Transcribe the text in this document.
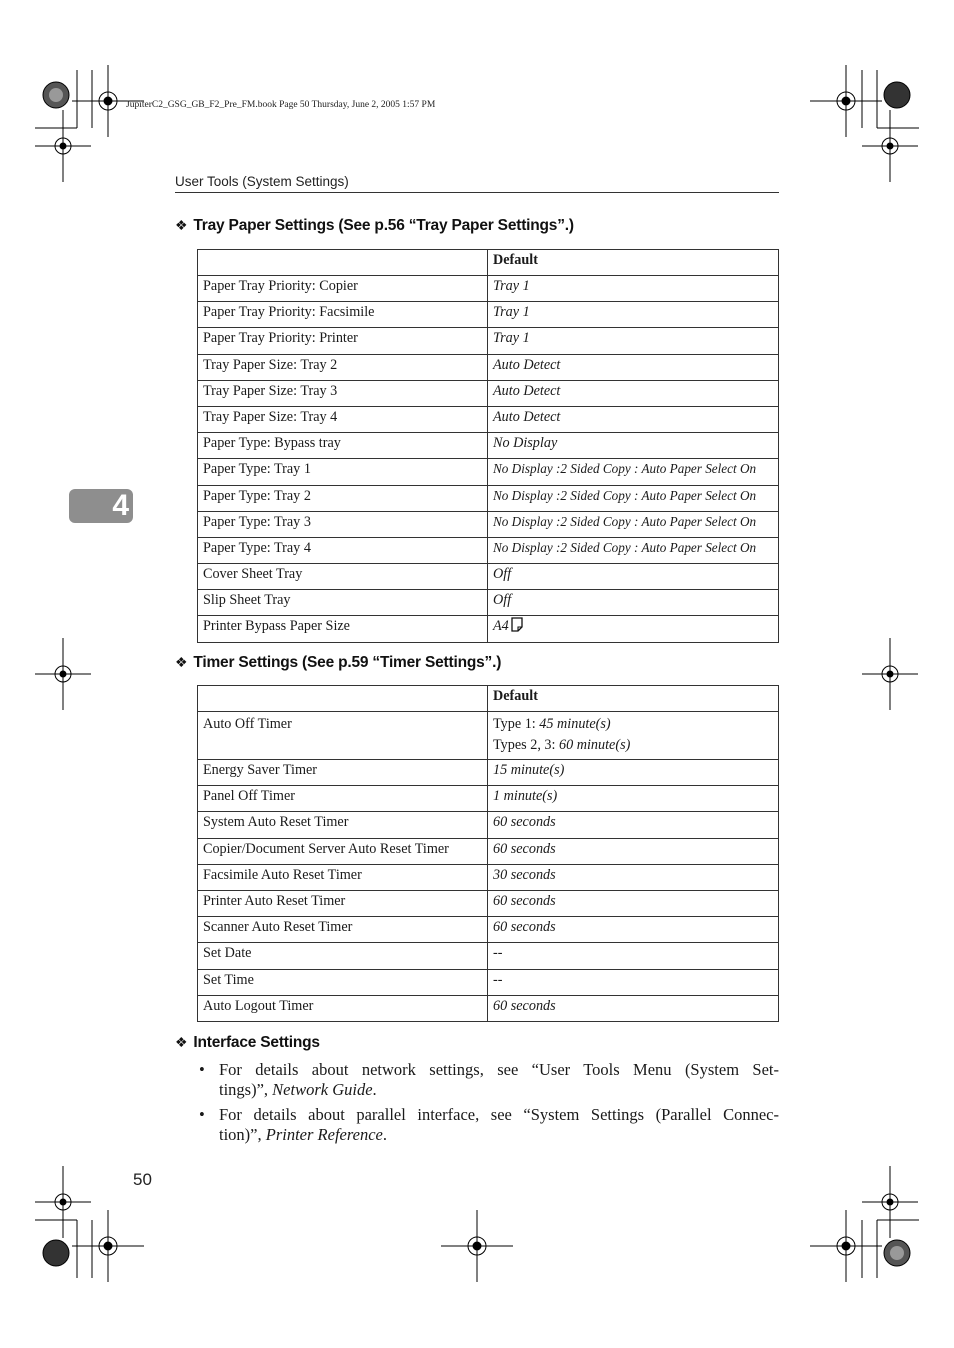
JupiterC2_GSG_GB_F2_Pre_FM.book Page 50 Thursday, June 2, 2005 1:57 PM
User Tools (System Settings)
4
❖ Tray Paper Settings (See p.56 “Tray Paper Settings”.)
	Default
Paper Tray Priority: Copier	Tray 1
Paper Tray Priority: Facsimile	Tray 1
Paper Tray Priority: Printer	Tray 1
Tray Paper Size: Tray 2	Auto Detect
Tray Paper Size: Tray 3	Auto Detect
Tray Paper Size: Tray 4	Auto Detect
Paper Type: Bypass tray	No Display
Paper Type: Tray 1	No Display :2 Sided Copy : Auto Paper Select On
Paper Type: Tray 2	No Display :2 Sided Copy : Auto Paper Select On
Paper Type: Tray 3	No Display :2 Sided Copy : Auto Paper Select On
Paper Type: Tray 4	No Display :2 Sided Copy : Auto Paper Select On
Cover Sheet Tray	Off
Slip Sheet Tray	Off
Printer Bypass Paper Size	A4
❖ Timer Settings (See p.59 “Timer Settings”.)
	Default
Auto Off Timer	Type 1: 45 minute(s)
Types 2, 3: 60 minute(s)
Energy Saver Timer	15 minute(s)
Panel Off Timer	1 minute(s)
System Auto Reset Timer	60 seconds
Copier/Document Server Auto Reset Timer	60 seconds
Facsimile Auto Reset Timer	30 seconds
Printer Auto Reset Timer	60 seconds
Scanner Auto Reset Timer	60 seconds
Set Date	--
Set Time	--
Auto Logout Timer	60 seconds
❖ Interface Settings
• For details about network settings, see “User Tools Menu (System Set-
tings)”, Network Guide.
• For details about parallel interface, see “System Settings (Parallel Connec-
tion)”, Printer Reference.
50
